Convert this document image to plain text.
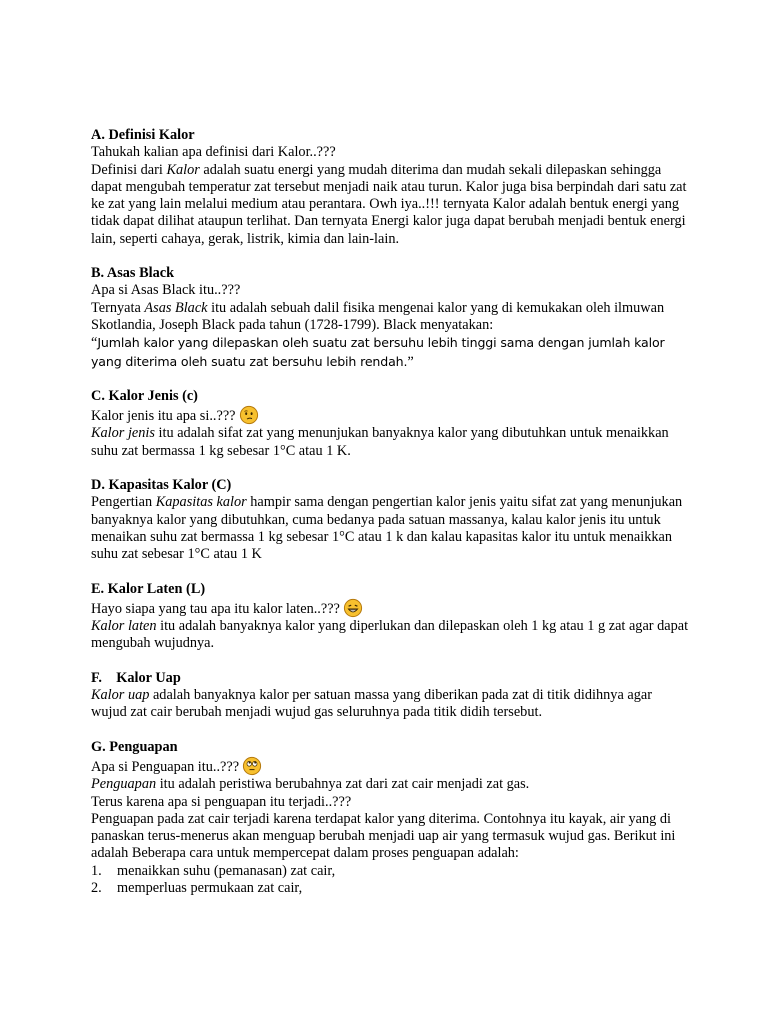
A. Definisi Kalor
Tahukah kalian apa definisi dari Kalor..???
Definisi dari Kalor adalah suatu energi yang mudah diterima dan mudah sekali dilepaskan sehingga dapat mengubah temperatur zat tersebut menjadi naik atau turun. Kalor juga bisa berpindah dari satu zat ke zat yang lain melalui medium atau perantara. Owh iya..!!! ternyata Kalor adalah bentuk energi yang tidak dapat dilihat ataupun terlihat. Dan ternyata Energi kalor juga dapat berubah menjadi bentuk energi lain, seperti cahaya, gerak, listrik, kimia dan lain-lain.
B. Asas Black
Apa si Asas Black itu..???
Ternyata Asas Black itu adalah sebuah dalil fisika mengenai kalor yang di kemukakan oleh ilmuwan Skotlandia, Joseph Black pada tahun (1728-1799). Black menyatakan:
“Jumlah kalor yang dilepaskan oleh suatu zat bersuhu lebih tinggi sama dengan jumlah kalor yang diterima oleh suatu zat bersuhu lebih rendah.”
C. Kalor Jenis (c)
Kalor jenis itu apa si..???
Kalor jenis itu adalah sifat zat yang menunjukan banyaknya kalor yang dibutuhkan untuk menaikkan suhu zat bermassa 1 kg sebesar 1°C atau 1 K.
D. Kapasitas Kalor (C)
Pengertian Kapasitas kalor hampir sama dengan pengertian kalor jenis yaitu sifat zat yang menunjukan banyaknya kalor yang dibutuhkan, cuma bedanya pada satuan massanya, kalau kalor jenis itu untuk menaikan suhu zat bermassa 1 kg sebesar 1°C atau 1 k dan kalau kapasitas kalor itu untuk menaikkan suhu zat sebesar 1°C atau 1 K
E. Kalor Laten (L)
Hayo siapa yang tau apa itu kalor laten..???
Kalor laten itu adalah banyaknya kalor yang diperlukan dan dilepaskan oleh 1 kg atau 1 g zat agar dapat mengubah wujudnya.
F.    Kalor Uap
Kalor uap adalah banyaknya kalor per satuan massa yang diberikan pada zat di titik didihnya agar wujud zat cair berubah menjadi wujud gas seluruhnya pada titik didih tersebut.
G. Penguapan
Apa si Penguapan itu..???
Penguapan itu adalah peristiwa berubahnya zat dari zat cair menjadi zat gas.
Terus karena apa si penguapan itu terjadi..???
Penguapan pada zat cair terjadi karena terdapat kalor yang diterima. Contohnya itu kayak, air yang di panaskan terus-menerus akan menguap berubah menjadi uap air yang termasuk wujud gas. Berikut ini adalah Beberapa cara untuk mempercepat dalam proses penguapan adalah:
1.	menaikkan suhu (pemanasan) zat cair,
2.	memperluas permukaan zat cair,
